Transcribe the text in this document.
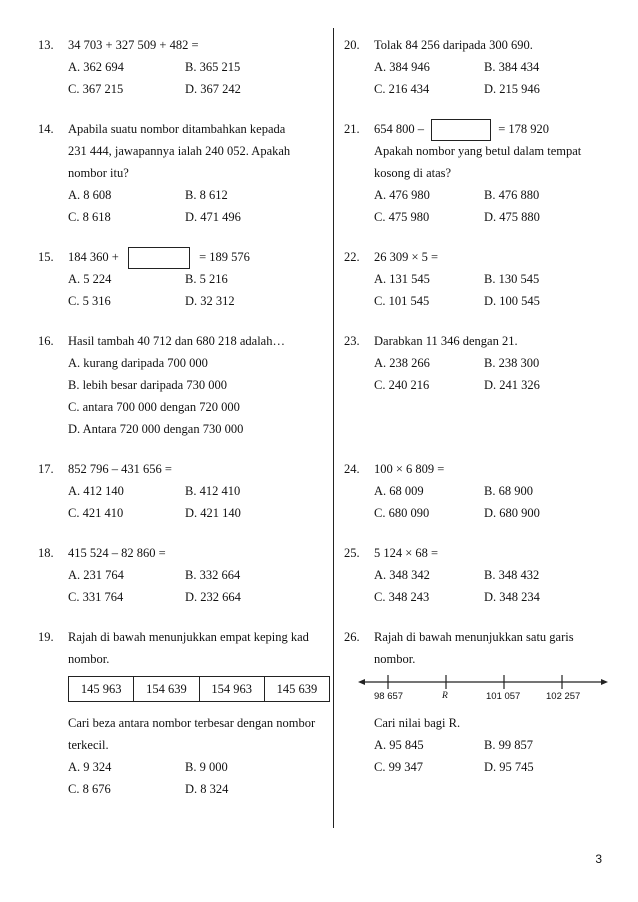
13. 34 703 + 327 509 + 482 =
A. 362 694	B. 365 215
C. 367 215	D. 367 242
14. Apabila suatu nombor ditambahkan kepada
231 444, jawapannya ialah 240 052. Apakah
nombor itu?
A. 8 608	B. 8 612
C. 8 618	D. 471 496
15. 184 360 +	= 189 576
A. 5 224	B. 5 216
C. 5 316	D. 32 312
16. Hasil tambah 40 712 dan 680 218 adalah…
A. kurang daripada 700 000
B. lebih besar daripada 730 000
C. antara 700 000 dengan 720 000
D. Antara 720 000 dengan 730 000
17. 852 796 – 431 656 =
A. 412 140	B. 412 410
C. 421 410	D. 421 140
18. 415 524 – 82 860 =
A. 231 764	B. 332 664
C. 331 764	D. 232 664
19. Rajah di bawah menunjukkan empat keping kad
nombor.
145 963	154 639	154 963	145 639
Cari beza antara nombor terbesar dengan nombor
terkecil.
A. 9 324	B. 9 000
C. 8 676	D. 8 324
20. Tolak 84 256 daripada 300 690.
A. 384 946	B. 384 434
C. 216 434	D. 215 946
21. 654 800 –	= 178 920
Apakah nombor yang betul dalam tempat
kosong di atas?
A. 476 980	B. 476 880
C. 475 980	D. 475 880
22. 26 309 × 5 =
A. 131 545	B. 130 545
C. 101 545	D. 100 545
23. Darabkan 11 346 dengan 21.
A. 238 266	B. 238 300
C. 240 216	D. 241 326
24. 100 × 6 809 =
A. 68 009	B. 68 900
C. 680 090	D. 680 900
25. 5 124 × 68 =
A. 348 342	B. 348 432
C. 348 243	D. 348 234
26. Rajah di bawah menunjukkan satu garis
nombor.
98 657	R	101 057	102 257
Cari nilai bagi R.
A. 95 845	B. 99 857
C. 99 347	D. 95 745
3
